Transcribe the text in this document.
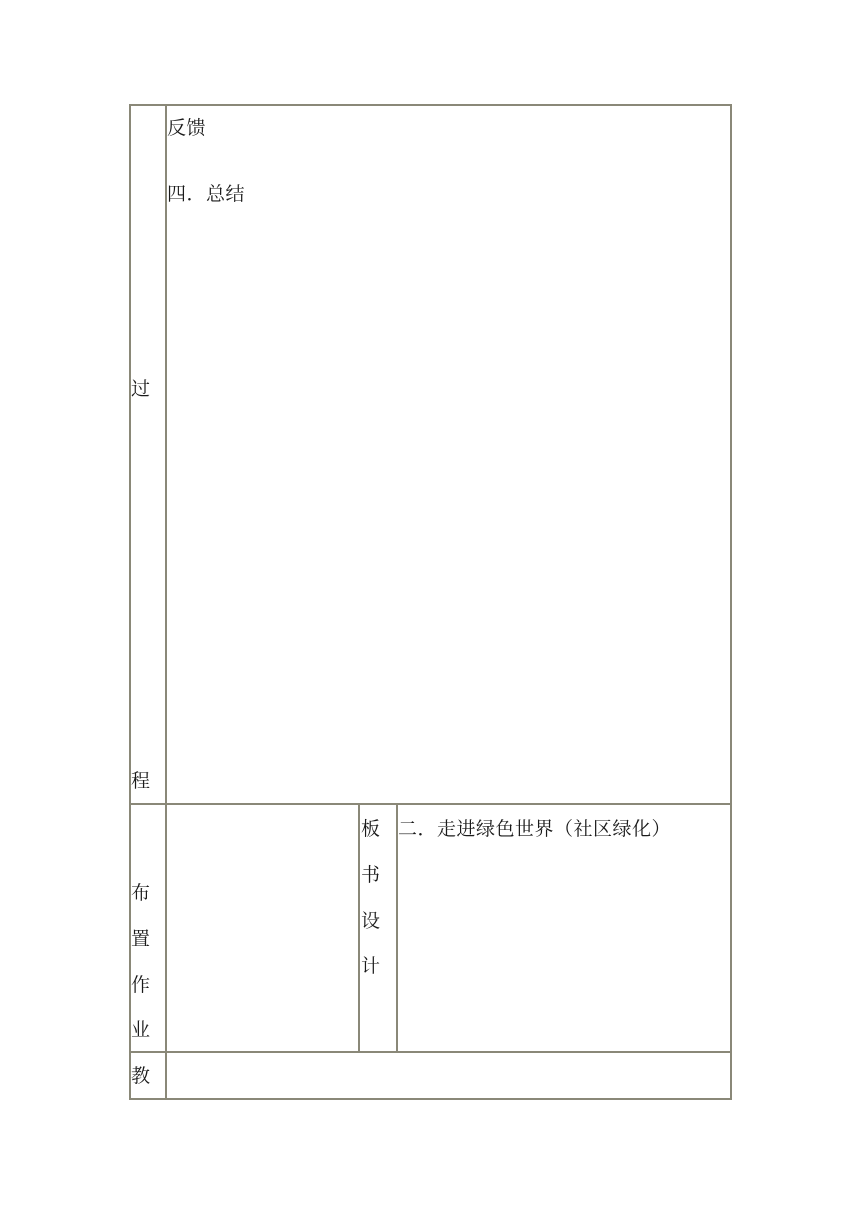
过
程
反馈
四．总结
布
置
作
业
板
书
设
计
二．走进绿色世界（社区绿化）
教
